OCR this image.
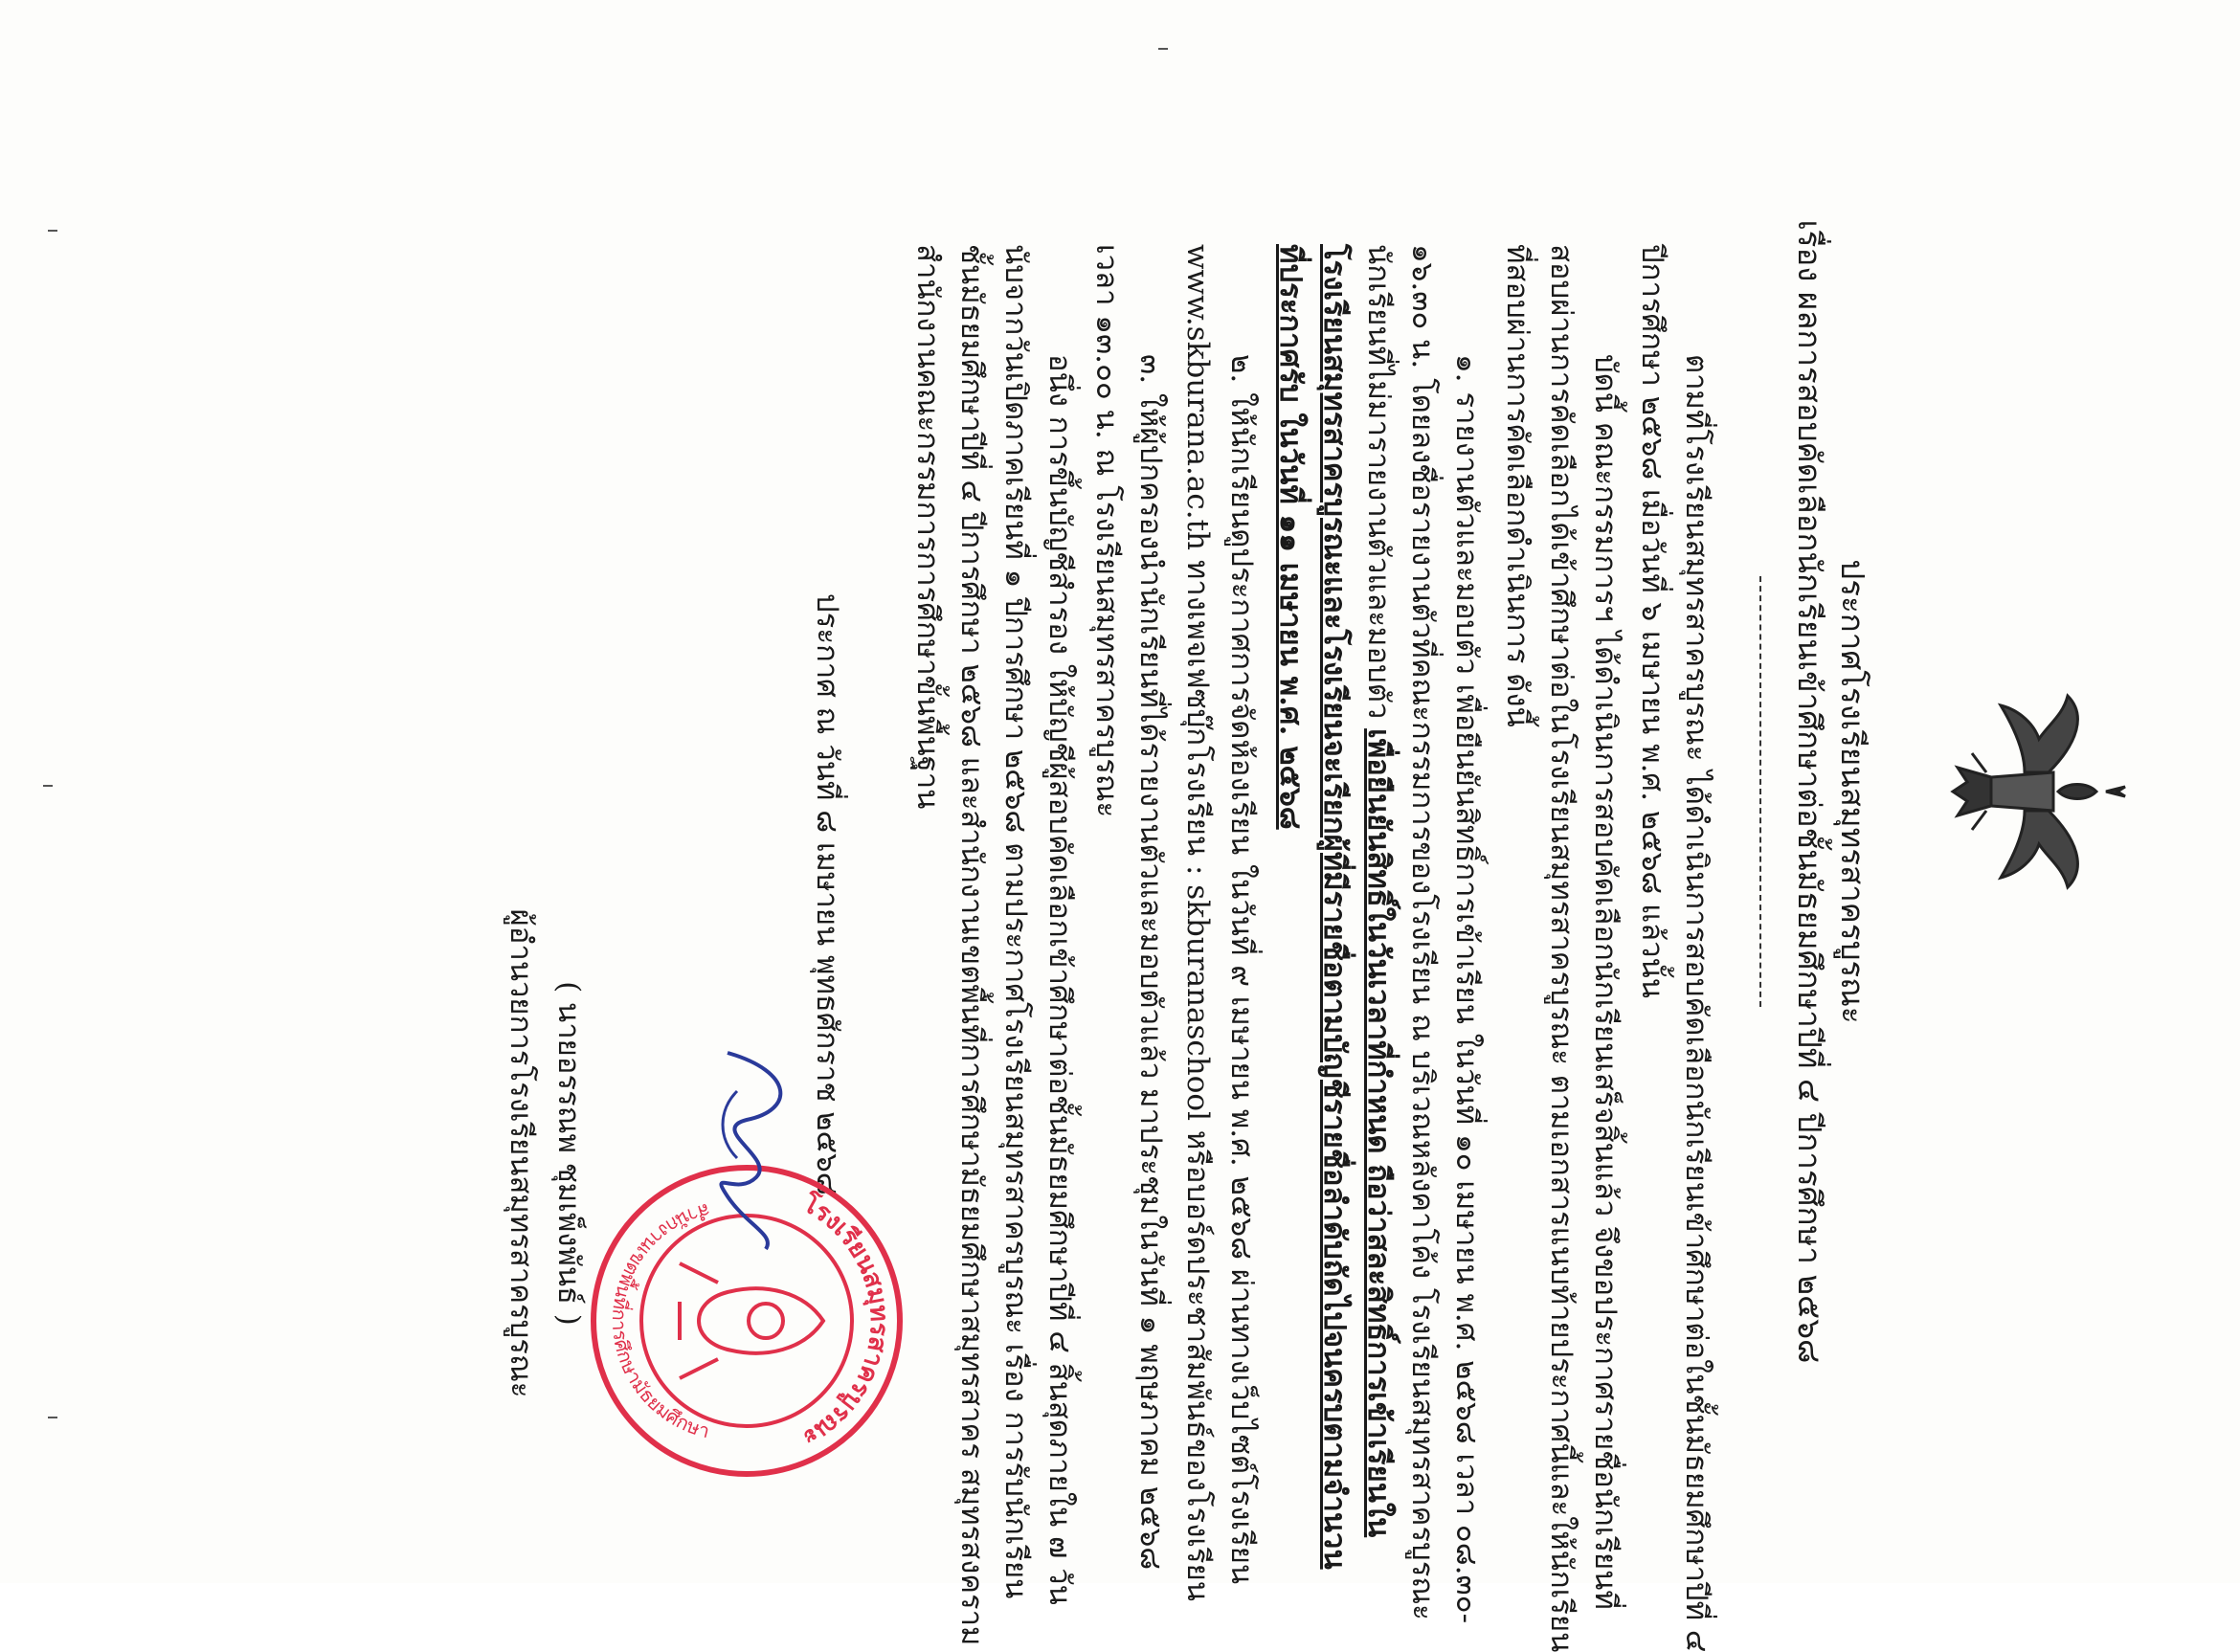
ประกาศโรงเรียนสมุทรสาครบูรณะ
เรื่อง ผลการสอบคัดเลือกนักเรียนเข้าศึกษาต่อชั้นมัธยมศึกษาปีที่ ๔ ปีการศึกษา ๒๕๖๘
ตามที่โรงเรียนสมุทรสาครบูรณะ ได้ดำเนินการสอบคัดเลือกนักเรียนเข้าศึกษาต่อในชั้นมัธยมศึกษาปีที่ ๔
ปีการศึกษา ๒๕๖๘ เมื่อวันที่ ๖ เมษายน พ.ศ. ๒๕๖๘ แล้วนั้น
บัดนี้ คณะกรรมการฯ ได้ดำเนินการสอบคัดเลือกนักเรียนเสร็จสิ้นแล้ว จึงขอประกาศรายชื่อนักเรียนที่
สอบผ่านการคัดเลือกได้เข้าศึกษาต่อในโรงเรียนสมุทรสาครบูรณะ ตามเอกสารแนบท้ายประกาศนี้และให้นักเรียน
ที่สอบผ่านการคัดเลือกดำเนินการ ดังนี้
๑. รายงานตัวและมอบตัว เพื่อยืนยันสิทธิ์การเข้าเรียน ในวันที่ ๑๐ เมษายน พ.ศ. ๒๕๖๘ เวลา ๐๘.๓๐-
๑๖.๓๐ น. โดยลงชื่อรายงานตัวที่คณะกรรมการของโรงเรียน ณ บริเวณหลังคาโค้ง โรงเรียนสมุทรสาครบูรณะ
นักเรียนที่ไม่มารายงานตัวและมอบตัว เพื่อยืนยันสิทธิ์ในวันเวลาที่กำหนด ถือว่าสละสิทธิ์การเข้าเรียนใน
โรงเรียนสมุทรสาครบูรณะและโรงเรียนจะเรียกผู้ที่มีรายชื่อตามบัญชีรายชื่อลำดับถัดไปจนครบตามจำนวน
ที่ประกาศรับ ในวันที่ ๑๑ เมษายน พ.ศ. ๒๕๖๘
๒. ให้นักเรียนดูประกาศการจัดห้องเรียน ในวันที่ ๙ เมษายน พ.ศ. ๒๕๖๘ ผ่านทางเว็บไซต์โรงเรียน
www.skburana.ac.th ทางเพจเฟซบุ๊กโรงเรียน : skburanaschool หรือบอร์ดประชาสัมพันธ์ของโรงเรียน
๓. ให้ผู้ปกครองนำนักเรียนที่ได้รายงานตัวและมอบตัวแล้ว มาประชุมในวันที่ ๑ พฤษภาคม ๒๕๖๘
เวลา ๑๓.๐๐ น. ณ โรงเรียนสมุทรสาครบูรณะ
อนึ่ง การขึ้นบัญชีสำรอง ให้บัญชีผู้สอบคัดเลือกเข้าศึกษาต่อชั้นมัธยมศึกษาปีที่ ๔ สิ้นสุดภายใน ๗ วัน
นับจากวันเปิดภาคเรียนที่ ๑ ปีการศึกษา ๒๕๖๘ ตามประกาศโรงเรียนสมุทรสาครบูรณะ เรื่อง การรับนักเรียน
ชั้นมัธยมศึกษาปีที่ ๔ ปีการศึกษา ๒๕๖๘ และสำนักงานเขตพื้นที่การศึกษามัธยมศึกษาสมุทรสาคร สมุทรสงคราม
สำนักงานคณะกรรมการการศึกษาขั้นพื้นฐาน
ประกาศ ณ วันที่ ๘ เมษายน พุทธศักราช ๒๕๖๘
โรงเรียนสมุทรสาครบูรณะ
สำนักงานเขตพื้นที่การศึกษามัธยมศึกษา
( นายอรรณพ ชุมเพ็งพันธ์ )
ผู้อำนวยการโรงเรียนสมุทรสาครบูรณะ
